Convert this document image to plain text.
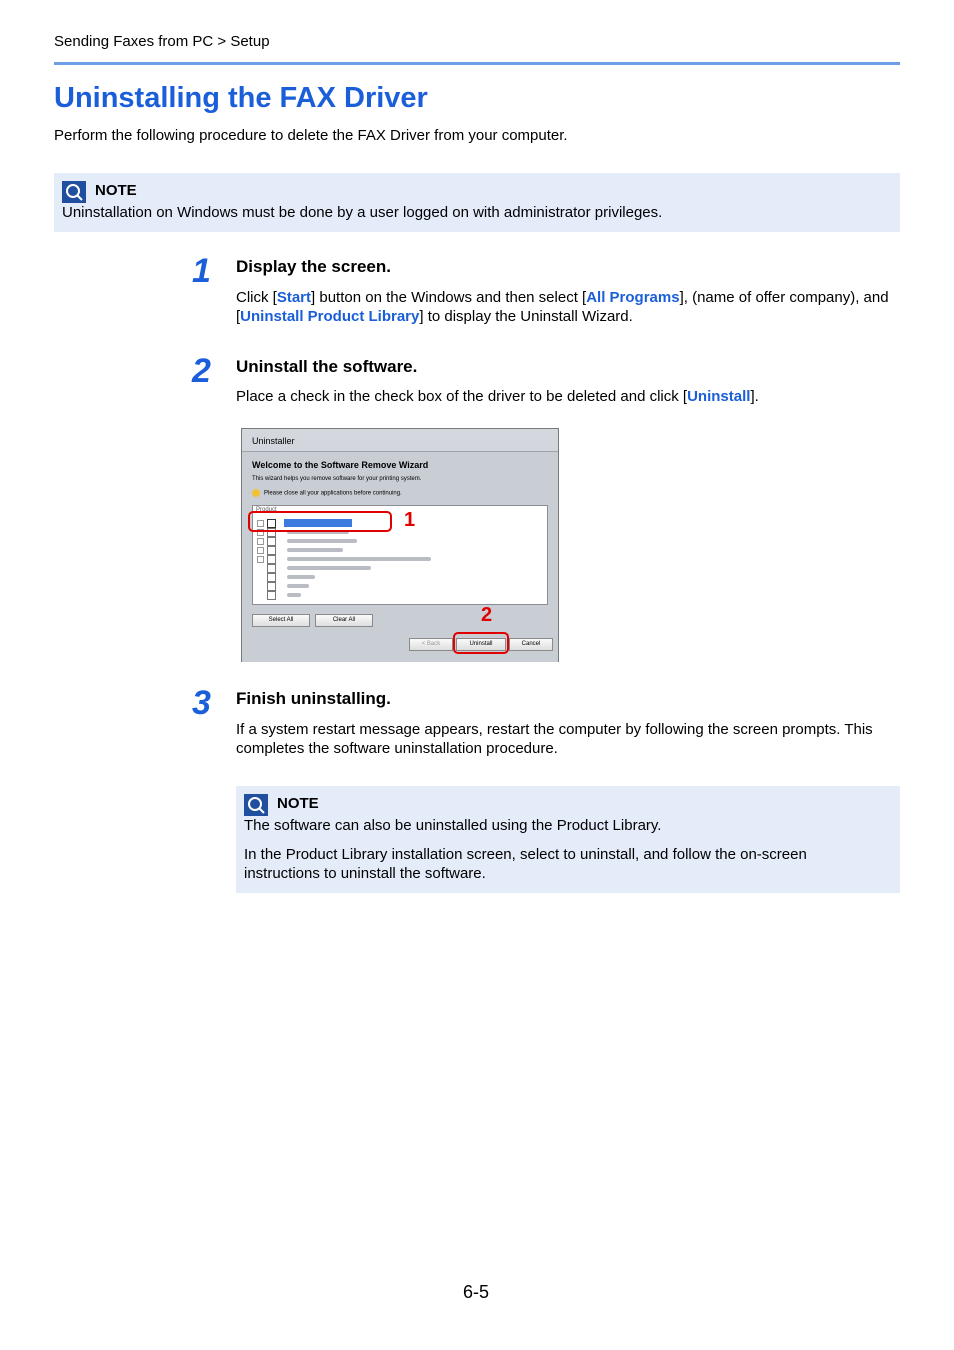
Sending Faxes from PC > Setup
Uninstalling the FAX Driver
Perform the following procedure to delete the FAX Driver from your computer.
NOTE

Uninstallation on Windows must be done by a user logged on with administrator privileges.

1 Display the screen.
Click [Start] button on the Windows and then select [All Programs], (name of offer company), and [Uninstall Product Library] to display the Uninstall Wizard.
2 Uninstall the software.
Place a check in the check box of the driver to be deleted and click [Uninstall].
Uninstaller
Welcome to the Software Remove Wizard
This wizard helps you remove software for your printing system.
Please close all your applications before continuing.
Product
Select All	Clear All
< Back	Uninstall	Cancel
1
2
3 Finish uninstalling.
If a system restart message appears, restart the computer by following the screen prompts. This completes the software uninstallation procedure.
NOTE

The software can also be uninstalled using the Product Library.

In the Product Library installation screen, select to uninstall, and follow the on-screen instructions to uninstall the software.

6-5
